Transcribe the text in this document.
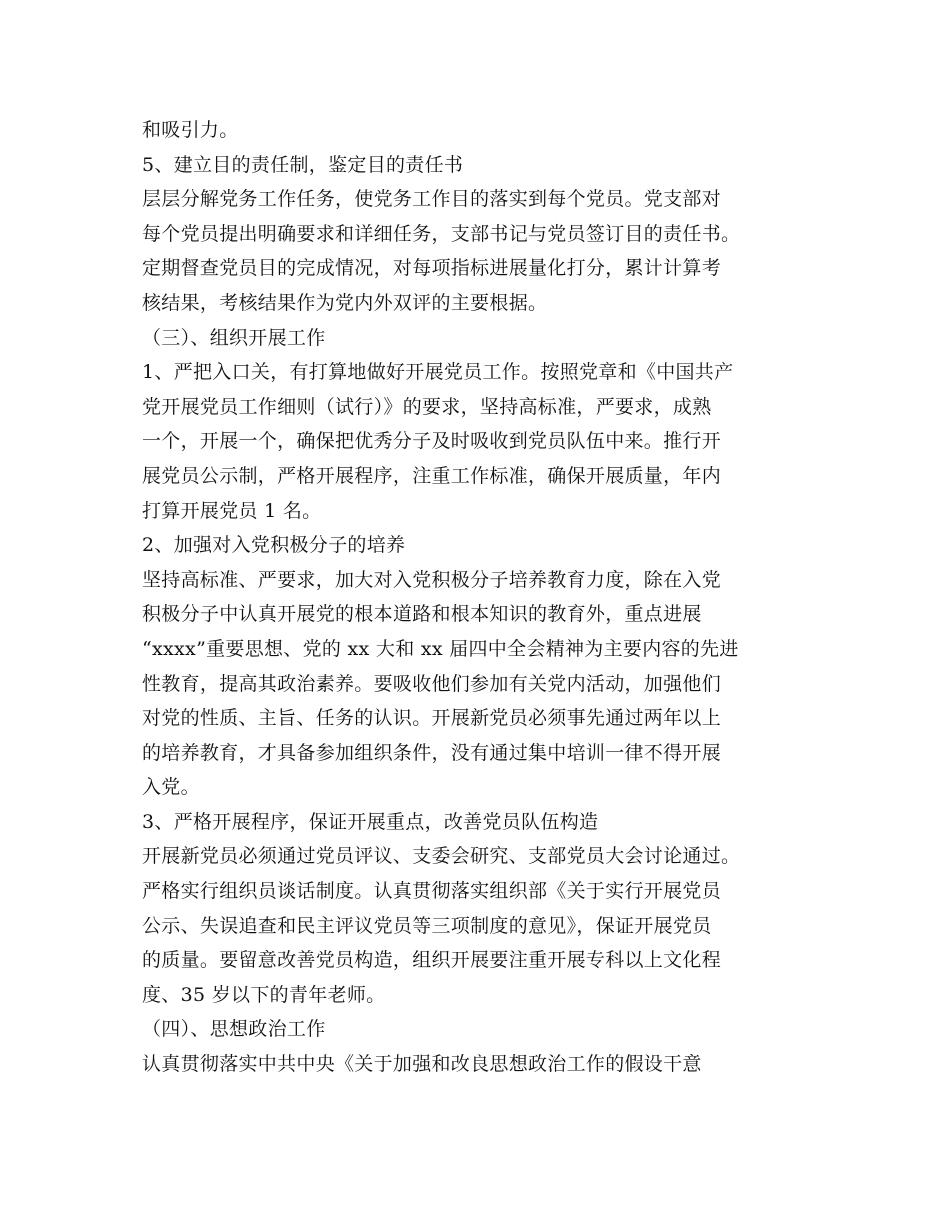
和吸引力。
5、建立目的责任制，鉴定目的责任书
层层分解党务工作任务，使党务工作目的落实到每个党员。党支部对
每个党员提出明确要求和详细任务，支部书记与党员签订目的责任书。
定期督查党员目的完成情况，对每项指标进展量化打分，累计计算考
核结果，考核结果作为党内外双评的主要根据。
（三）、组织开展工作
1、严把入口关，有打算地做好开展党员工作。按照党章和《中国共产
党开展党员工作细则（试行）》的要求，坚持高标准，严要求，成熟
一个，开展一个，确保把优秀分子及时吸收到党员队伍中来。推行开
展党员公示制，严格开展程序，注重工作标准，确保开展质量，年内
打算开展党员 1 名。
2、加强对入党积极分子的培养
坚持高标准、严要求，加大对入党积极分子培养教育力度，除在入党
积极分子中认真开展党的根本道路和根本知识的教育外，重点进展
“xxxx”重要思想、党的 xx 大和 xx 届四中全会精神为主要内容的先进
性教育，提高其政治素养。要吸收他们参加有关党内活动，加强他们
对党的性质、主旨、任务的认识。开展新党员必须事先通过两年以上
的培养教育，才具备参加组织条件，没有通过集中培训一律不得开展
入党。
3、严格开展程序，保证开展重点，改善党员队伍构造
开展新党员必须通过党员评议、支委会研究、支部党员大会讨论通过。
严格实行组织员谈话制度。认真贯彻落实组织部《关于实行开展党员
公示、失误追查和民主评议党员等三项制度的意见》，保证开展党员
的质量。要留意改善党员构造，组织开展要注重开展专科以上文化程
度、35 岁以下的青年老师。
（四）、思想政治工作
认真贯彻落实中共中央《关于加强和改良思想政治工作的假设干意
